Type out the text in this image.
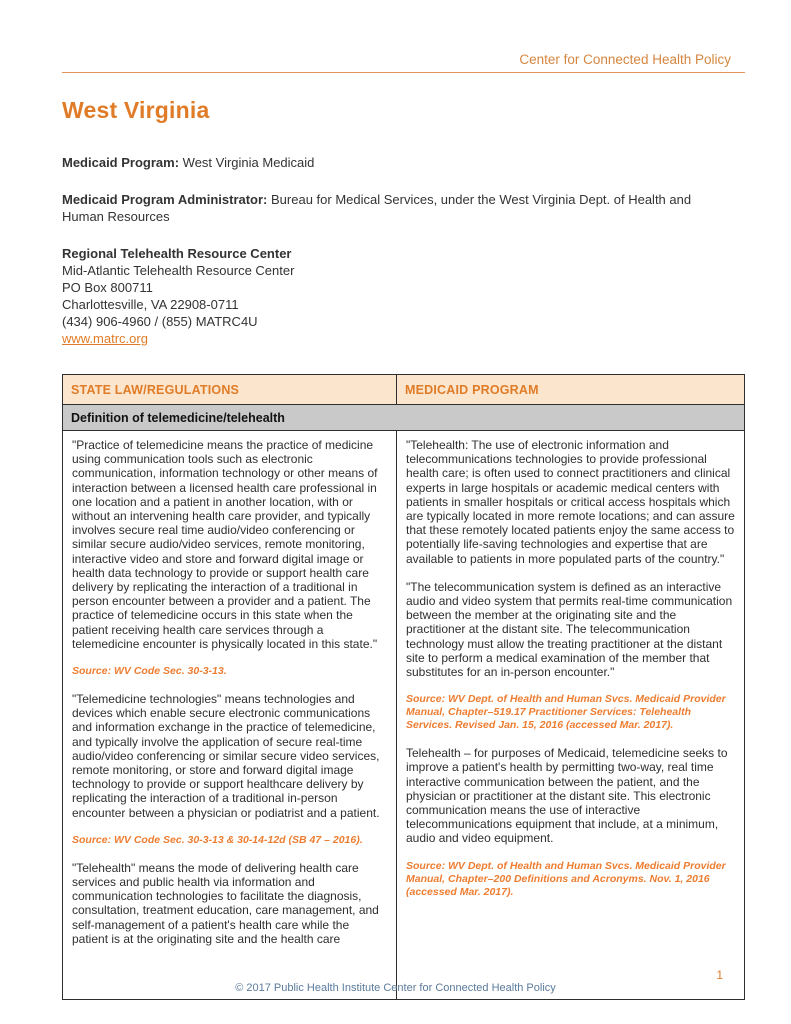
Center for Connected Health Policy
West Virginia

Medicaid Program: West Virginia Medicaid

Medicaid Program Administrator: Bureau for Medical Services, under the West Virginia Dept. of Health and Human Resources

Regional Telehealth Resource Center

Mid-Atlantic Telehealth Resource Center

PO Box 800711

Charlottesville, VA 22908-0711

(434) 906-4960 / (855) MATRC4U

www.matrc.org
STATE LAW/REGULATIONS	MEDICAID PROGRAM
Definition of telemedicine/telehealth

"Practice of telemedicine means the practice of medicine using communication tools such as electronic communication, information technology or other means of interaction between a licensed health care professional in one location and a patient in another location, with or without an intervening health care provider, and typically involves secure real time audio/video conferencing or similar secure audio/video services, remote monitoring, interactive video and store and forward digital image or health data technology to provide or support health care delivery by replicating the interaction of a traditional in person encounter between a provider and a patient. The practice of telemedicine occurs in this state when the patient receiving health care services through a telemedicine encounter is physically located in this state."

Source: WV Code Sec. 30-3-13.

"Telemedicine technologies" means technologies and devices which enable secure electronic communications and information exchange in the practice of telemedicine, and typically involve the application of secure real-time audio/video conferencing or similar secure video services, remote monitoring, or store and forward digital image technology to provide or support healthcare delivery by replicating the interaction of a traditional in-person encounter between a physician or podiatrist and a patient.

Source: WV Code Sec. 30-3-13 & 30-14-12d (SB 47 – 2016).

"Telehealth" means the mode of delivering health care services and public health via information and communication technologies to facilitate the diagnosis, consultation, treatment education, care management, and self-management of a patient's health care while the patient is at the originating site and the health care

"Telehealth: The use of electronic information and telecommunications technologies to provide professional health care; is often used to connect practitioners and clinical experts in large hospitals or academic medical centers with patients in smaller hospitals or critical access hospitals which are typically located in more remote locations; and can assure that these remotely located patients enjoy the same access to potentially life-saving technologies and expertise that are available to patients in more populated parts of the country."

"The telecommunication system is defined as an interactive audio and video system that permits real-time communication between the member at the originating site and the practitioner at the distant site. The telecommunication technology must allow the treating practitioner at the distant site to perform a medical examination of the member that substitutes for an in-person encounter."

Source: WV Dept. of Health and Human Svcs. Medicaid Provider Manual, Chapter–519.17 Practitioner Services: Telehealth Services. Revised Jan. 15, 2016 (accessed Mar. 2017).

Telehealth – for purposes of Medicaid, telemedicine seeks to improve a patient's health by permitting two-way, real time interactive communication between the patient, and the physician or practitioner at the distant site. This electronic communication means the use of interactive telecommunications equipment that include, at a minimum, audio and video equipment.

Source: WV Dept. of Health and Human Svcs. Medicaid Provider Manual, Chapter–200 Definitions and Acronyms. Nov. 1, 2016 (accessed Mar. 2017).

1
© 2017 Public Health Institute Center for Connected Health Policy
